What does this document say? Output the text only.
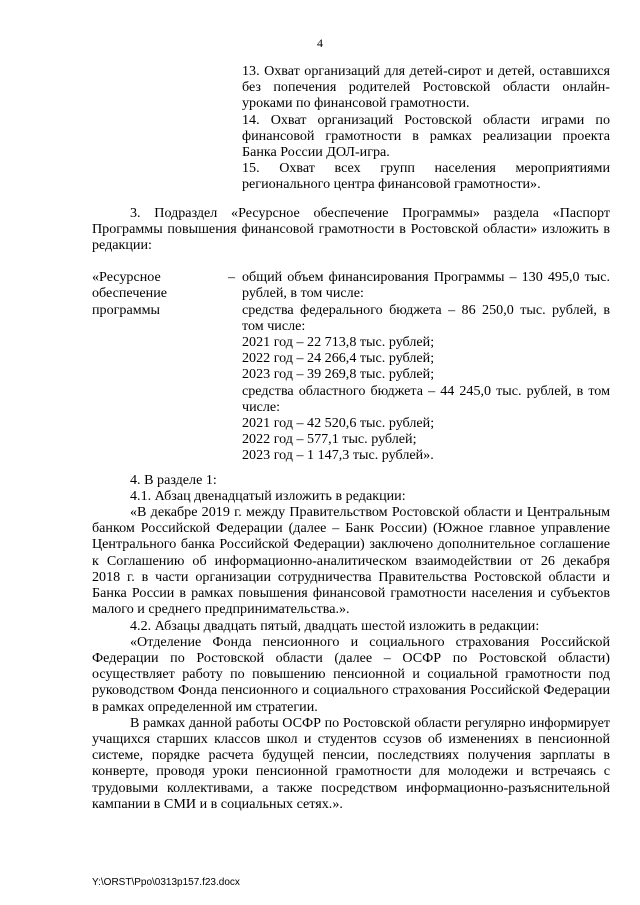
4

13. Охват организаций для детей-сирот и детей, оставшихся без попечения родителей Ростовской области онлайн-уроками по финансовой грамотности.

14. Охват организаций Ростовской области играми по финансовой грамотности в рамках реализации проекта Банка России ДОЛ-игра.

15. Охват всех групп населения мероприятиями регионального центра финансовой грамотности».

3. Подраздел «Ресурсное обеспечение Программы» раздела «Паспорт Программы повышения финансовой грамотности в Ростовской области» изложить в редакции:

«Ресурсное обеспечение программы
– общий объем финансирования Программы – 130 495,0 тыс. рублей, в том числе:

средства федерального бюджета – 86 250,0 тыс. рублей, в том числе:

2021 год – 22 713,8 тыс. рублей;

2022 год – 24 266,4 тыс. рублей;

2023 год – 39 269,8 тыс. рублей;

средства областного бюджета – 44 245,0 тыс. рублей, в том числе:

2021 год – 42 520,6 тыс. рублей;

2022 год – 577,1 тыс. рублей;

2023 год – 1 147,3 тыс. рублей».

4. В разделе 1:

4.1. Абзац двенадцатый изложить в редакции:

«В декабре 2019 г. между Правительством Ростовской области и Центральным банком Российской Федерации (далее – Банк России) (Южное главное управление Центрального банка Российской Федерации) заключено дополнительное соглашение к Соглашению об информационно-аналитическом взаимодействии от 26 декабря 2018 г. в части организации сотрудничества Правительства Ростовской области и Банка России в рамках повышения финансовой грамотности населения и субъектов малого и среднего предпринимательства.».

4.2. Абзацы двадцать пятый, двадцать шестой изложить в редакции:

«Отделение Фонда пенсионного и социального страхования Российской Федерации по Ростовской области (далее – ОСФР по Ростовской области) осуществляет работу по повышению пенсионной и социальной грамотности под руководством Фонда пенсионного и социального страхования Российской Федерации в рамках определенной им стратегии.

В рамках данной работы ОСФР по Ростовской области регулярно информирует учащихся старших классов школ и студентов ссузов об изменениях в пенсионной системе, порядке расчета будущей пенсии, последствиях получения зарплаты в конверте, проводя уроки пенсионной грамотности для молодежи и встречаясь с трудовыми коллективами, а также посредством информационно-разъяснительной кампании в СМИ и в социальных сетях.».

Y:\ORST\Ppo\0313p157.f23.docx
